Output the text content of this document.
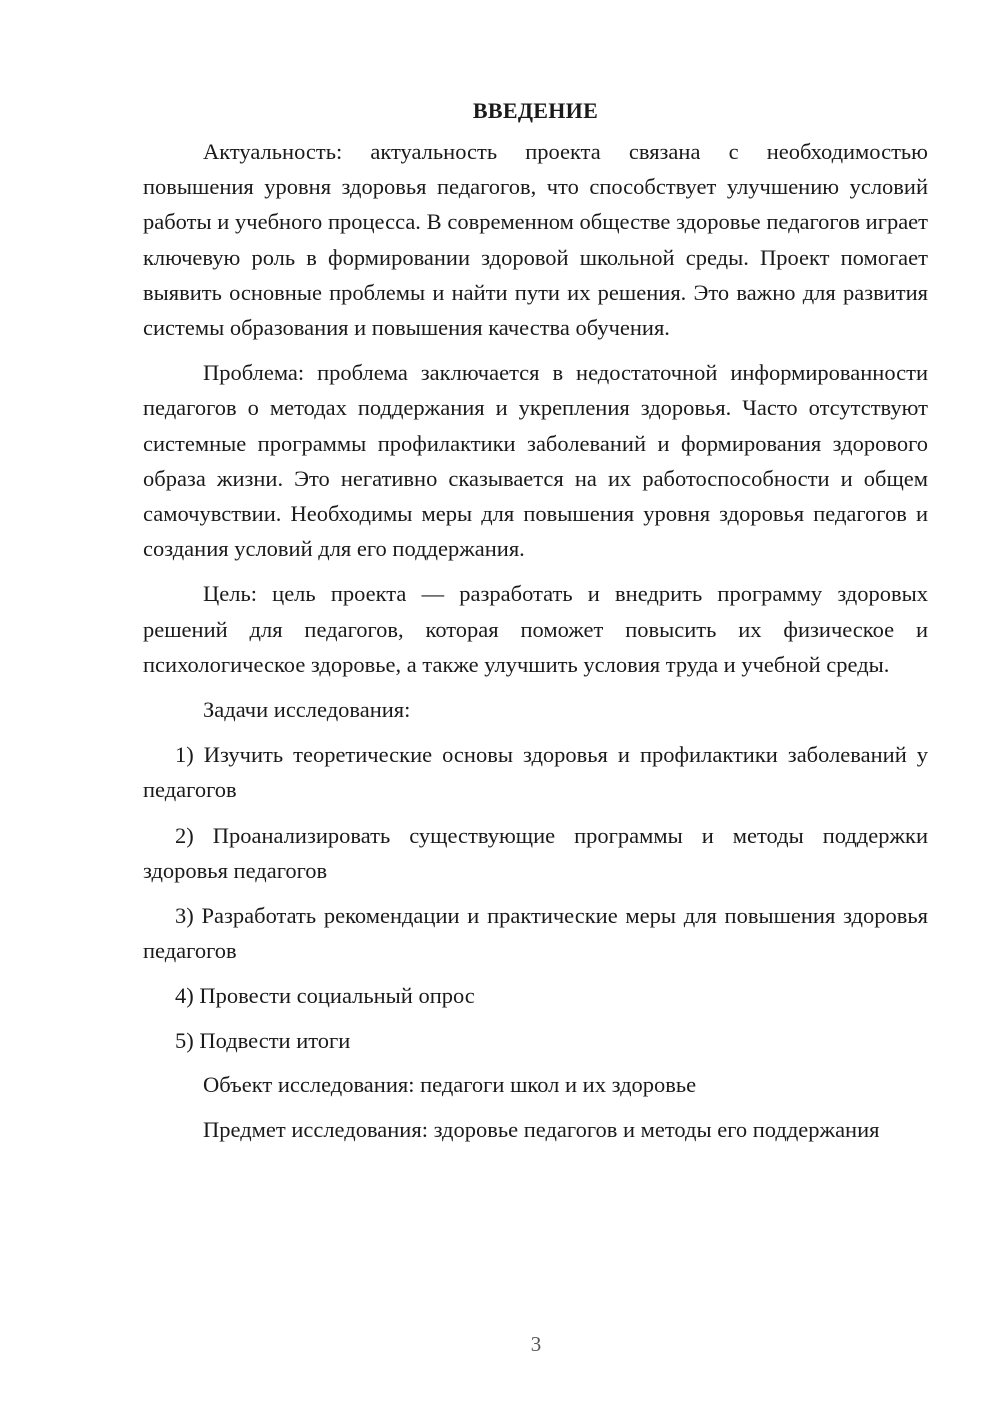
ВВЕДЕНИЕ

Актуальность: актуальность проекта связана с необходимостью повышения уровня здоровья педагогов, что способствует улучшению условий работы и учебного процесса. В современном обществе здоровье педагогов играет ключевую роль в формировании здоровой школьной среды. Проект помогает выявить основные проблемы и найти пути их решения. Это важно для развития системы образования и повышения качества обучения.

Проблема: проблема заключается в недостаточной информированности педагогов о методах поддержания и укрепления здоровья. Часто отсутствуют системные программы профилактики заболеваний и формирования здорового образа жизни. Это негативно сказывается на их работоспособности и общем самочувствии. Необходимы меры для повышения уровня здоровья педагогов и создания условий для его поддержания.

Цель: цель проекта — разработать и внедрить программу здоровых решений для педагогов, которая поможет повысить их физическое и психологическое здоровье, а также улучшить условия труда и учебной среды.

Задачи исследования:

1) Изучить теоретические основы здоровья и профилактики заболеваний у педагогов

2) Проанализировать существующие программы и методы поддержки здоровья педагогов

3) Разработать рекомендации и практические меры для повышения здоровья педагогов

4) Провести социальный опрос

5) Подвести итоги

Объект исследования: педагоги школ и их здоровье

Предмет исследования: здоровье педагогов и методы его поддержания

3
